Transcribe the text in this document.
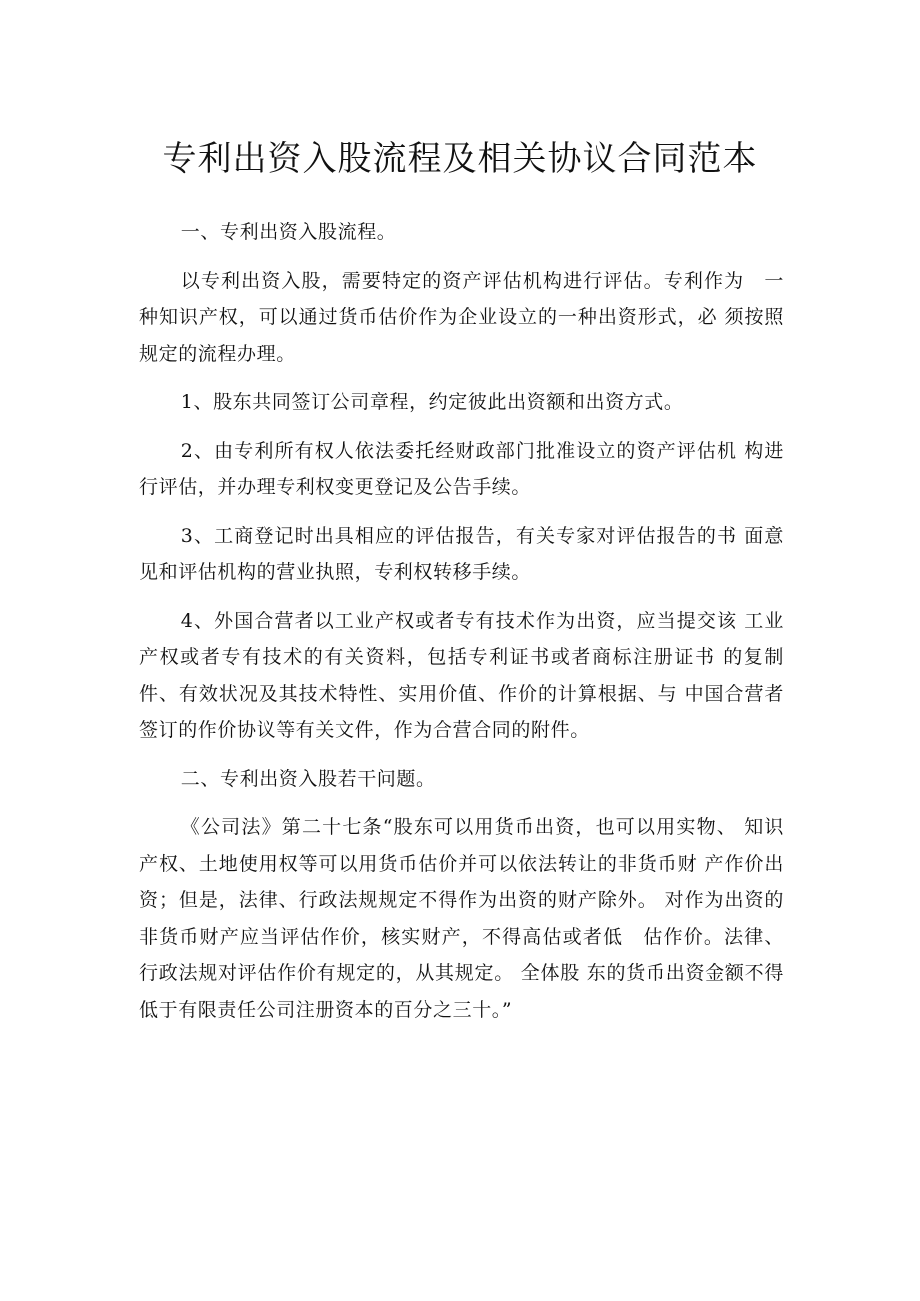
专利出资入股流程及相关协议合同范本

一、专利出资入股流程。

以专利出资入股，需要特定的资产评估机构进行评估。专利作为　一种知识产权，可以通过货币估价作为企业设立的一种出资形式，必 须按照规定的流程办理。

1、股东共同签订公司章程，约定彼此出资额和出资方式。

2、由专利所有权人依法委托经财政部门批准设立的资产评估机 构进行评估，并办理专利权变更登记及公告手续。

3、工商登记时出具相应的评估报告，有关专家对评估报告的书 面意见和评估机构的营业执照，专利权转移手续。

4、外国合营者以工业产权或者专有技术作为出资，应当提交该 工业产权或者专有技术的有关资料，包括专利证书或者商标注册证书 的复制件、有效状况及其技术特性、实用价值、作价的计算根据、与 中国合营者签订的作价协议等有关文件，作为合营合同的附件。

二、专利出资入股若干问题。

《公司法》第二十七条“股东可以用货币出资，也可以用实物、 知识产权、土地使用权等可以用货币估价并可以依法转让的非货币财 产作价出资；但是，法律、行政法规规定不得作为出资的财产除外。 对作为出资的非货币财产应当评估作价，核实财产，不得高估或者低　估作价。法律、行政法规对评估作价有规定的，从其规定。 全体股 东的货币出资金额不得低于有限责任公司注册资本的百分之三十。”
